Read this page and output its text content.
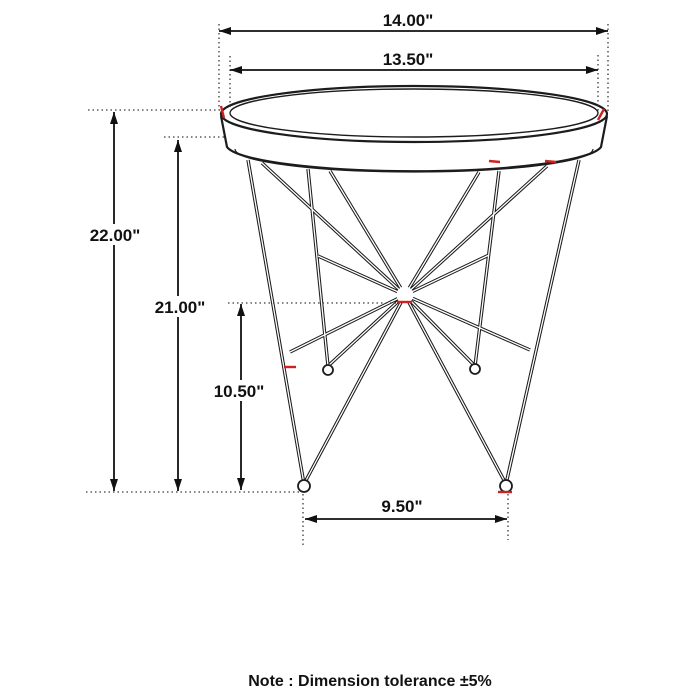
14.00"
13.50"
22.00"
21.00"
10.50"
9.50"
Note : Dimension tolerance ±5%
